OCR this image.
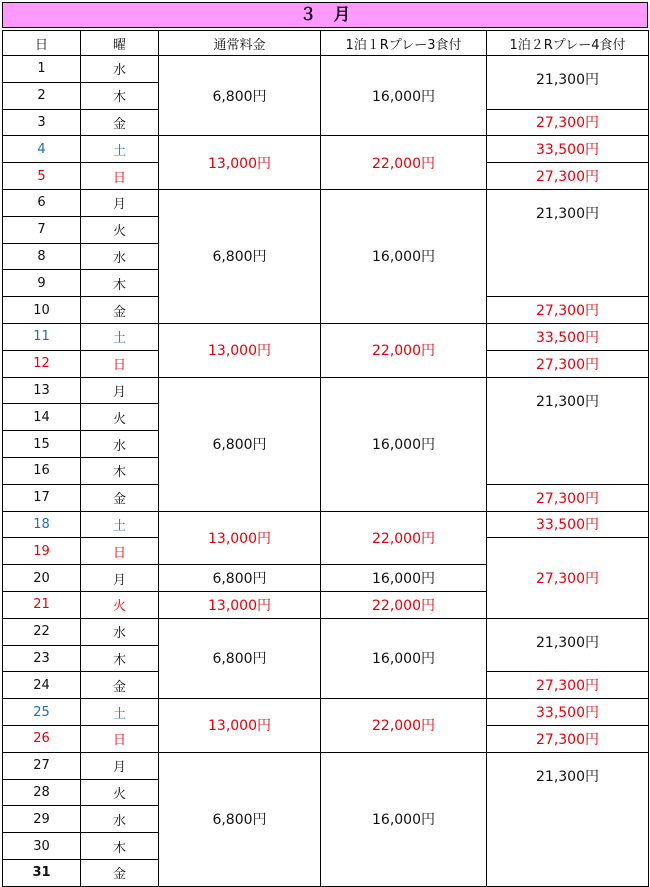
３　月
日	曜	通常料金	1泊１Rプレー3食付	1泊２Rプレー4食付
1	水	6,800円	16,000円	21,300円
2	木			
3	金			27,300円
4	土	13,000円	22,000円	33,500円
5	日			27,300円
6	月	6,800円	16,000円	21,300円
7	火			
8	水			
9	木			
10	金			27,300円
11	土	13,000円	22,000円	33,500円
12	日			27,300円
13	月	6,800円	16,000円	21,300円
14	火			
15	水			
16	木			
17	金			27,300円
18	土	13,000円	22,000円	33,500円
19	日			27,300円
20	月	6,800円	16,000円	
21	火	13,000円	22,000円	
22	水	6,800円	16,000円	21,300円
23	木			
24	金			27,300円
25	土	13,000円	22,000円	33,500円
26	日			27,300円
27	月	6,800円	16,000円	21,300円
28	火			
29	水			
30	木			
31	金			
